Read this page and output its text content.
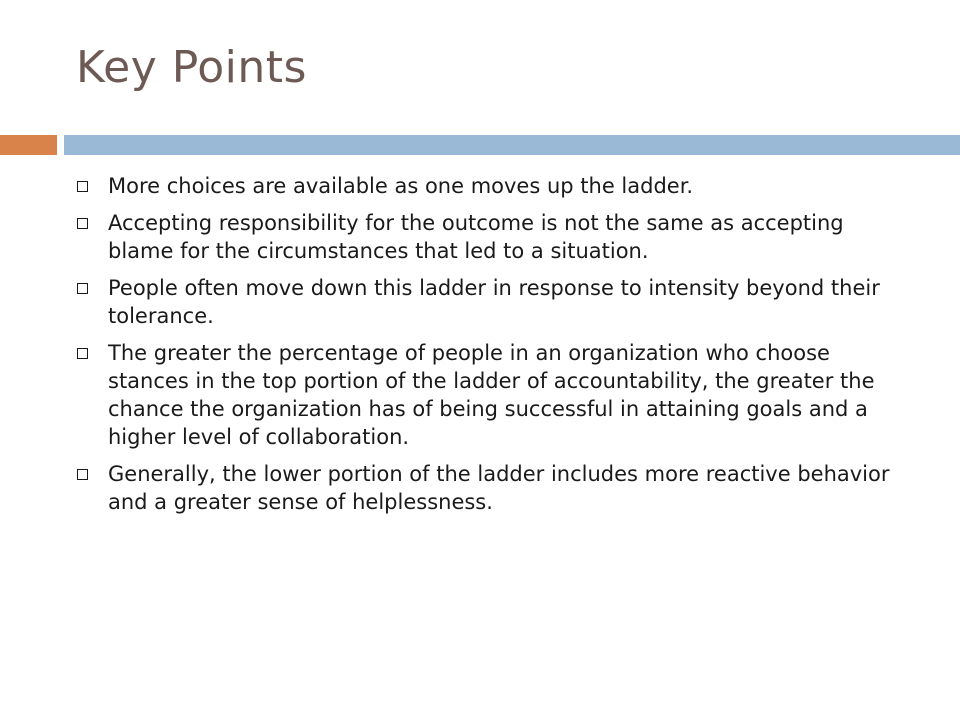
Key Points
More choices are available as one moves up the ladder.
Accepting responsibility for the outcome is not the same as accepting blame for the circumstances that led to a situation.
People often move down this ladder in response to intensity beyond their tolerance.
The greater the percentage of people in an organization who choose stances in the top portion of the ladder of accountability, the greater the chance the organization has of being successful in attaining goals and a higher level of collaboration.
Generally, the lower portion of the ladder includes more reactive behavior and a greater sense of helplessness.
